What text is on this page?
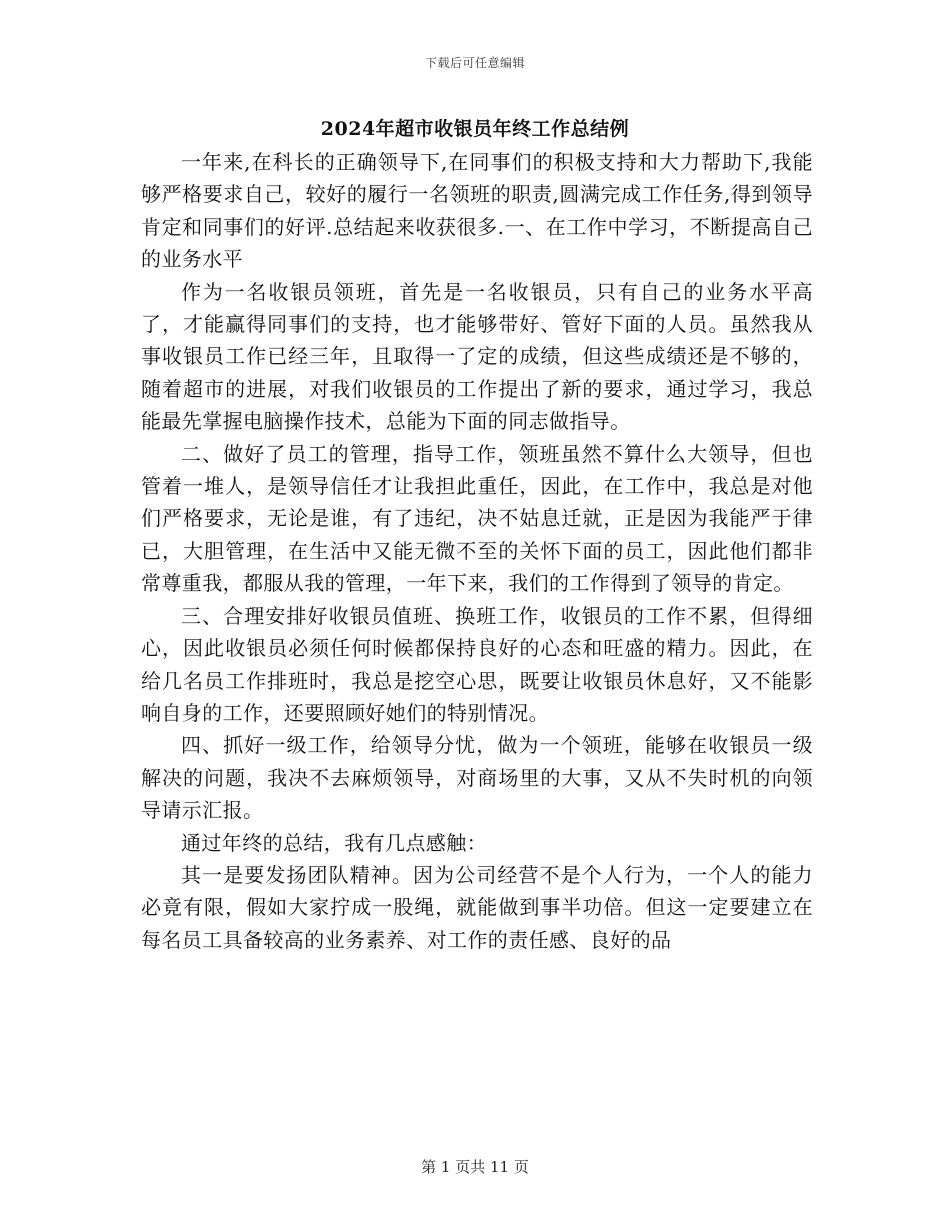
下载后可任意编辑
2024年超市收银员年终工作总结例

一年来,在科长的正确领导下,在同事们的积极支持和大力帮助下,我能够严格要求自己，较好的履行一名领班的职责,圆满完成工作任务,得到领导肯定和同事们的好评.总结起来收获很多.一、在工作中学习，不断提高自己的业务水平

作为一名收银员领班，首先是一名收银员，只有自己的业务水平高了，才能赢得同事们的支持，也才能够带好、管好下面的人员。虽然我从事收银员工作已经三年，且取得一了定的成绩，但这些成绩还是不够的，随着超市的进展，对我们收银员的工作提出了新的要求，通过学习，我总能最先掌握电脑操作技术，总能为下面的同志做指导。

二、做好了员工的管理，指导工作，领班虽然不算什么大领导，但也管着一堆人，是领导信任才让我担此重任，因此，在工作中，我总是对他们严格要求，无论是谁，有了违纪，决不姑息迁就，正是因为我能严于律已，大胆管理，在生活中又能无微不至的关怀下面的员工，因此他们都非常尊重我，都服从我的管理，一年下来，我们的工作得到了领导的肯定。

三、合理安排好收银员值班、换班工作，收银员的工作不累，但得细心，因此收银员必须任何时候都保持良好的心态和旺盛的精力。因此，在给几名员工作排班时，我总是挖空心思，既要让收银员休息好，又不能影响自身的工作，还要照顾好她们的特别情况。

四、抓好一级工作，给领导分忧，做为一个领班，能够在收银员一级解决的问题，我决不去麻烦领导，对商场里的大事，又从不失时机的向领导请示汇报。

通过年终的总结，我有几点感触：

其一是要发扬团队精神。因为公司经营不是个人行为，一个人的能力必竟有限，假如大家拧成一股绳，就能做到事半功倍。但这一定要建立在每名员工具备较高的业务素养、对工作的责任感、良好的品

第 1 页共 11 页
